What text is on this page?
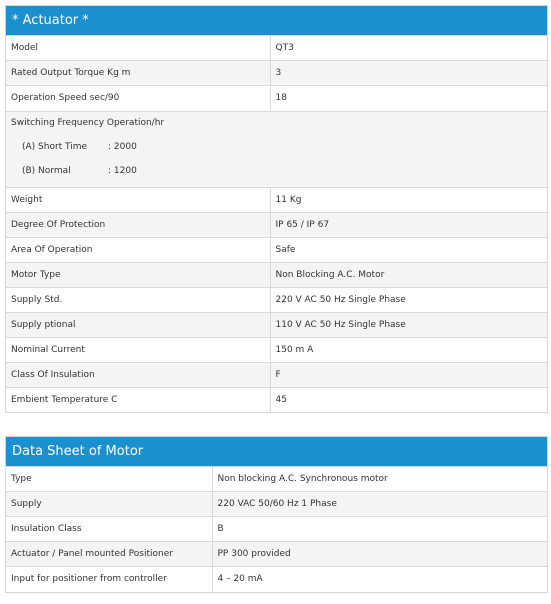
* Actuator *
Model	QT3
Rated Output Torque Kg m	3
Operation Speed sec/90	18
Switching Frequency Operation/hr
(A) Short Time : 2000
(B) Normal	: 1200
Weight	11 Kg
Degree Of Protection	IP 65 / IP 67
Area Of Operation	Safe
Motor Type	Non Blocking A.C. Motor
Supply Std.	220 V AC 50 Hz Single Phase
Supply ptional	110 V AC 50 Hz Single Phase
Nominal Current	150 m A
Class Of Insulation	F
Embient Temperature C	45
Data Sheet of Motor
Type	Non blocking A.C. Synchronous motor
Supply	220 VAC 50/60 Hz 1 Phase
Insulation Class	B
Actuator / Panel mounted Positioner	PP 300 provided
Input for positioner from controller	4 – 20 mA
